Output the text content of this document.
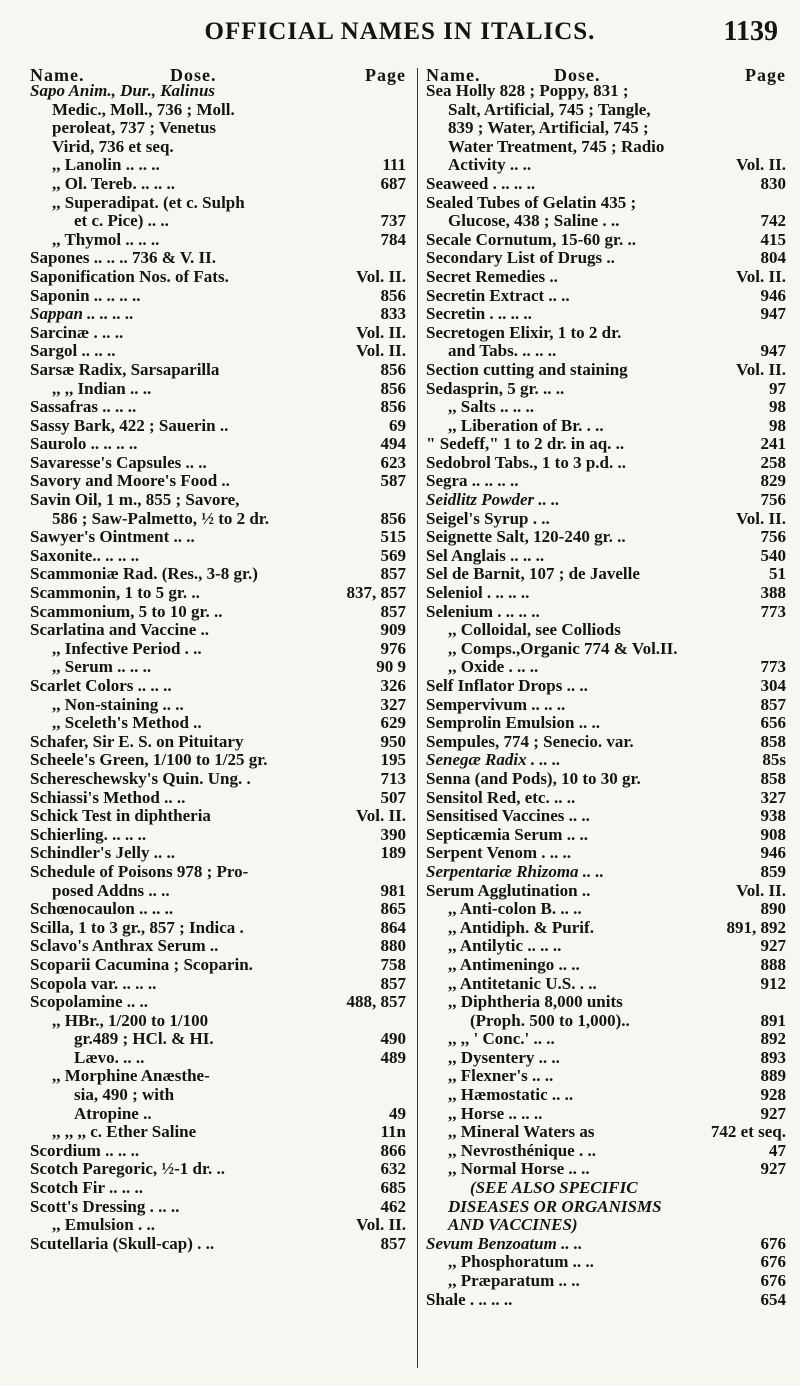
OFFICIAL NAMES IN ITALICS.	1139
Name.	Dose.	Page Name.	Dose.	Page
Sapo Anim., Dur., Kalinus
Medic., Moll., 736 ; Moll.
peroleat, 737 ; Venetus
Virid, 736 et seq.
,, Lanolin .. .. ..	111
,, Ol. Tereb. .. .. ..	687
,, Superadipat. (et c. Sulph
et c. Pice) .. ..	737
,, Thymol .. .. ..	784
Sapones .. .. .. 736 & V. II.
Saponification Nos. of Fats.	Vol. II.
Saponin .. .. .. ..	856
Sappan .. .. .. ..	833
Sarcinæ . .. ..	Vol. II.
Sargol .. .. ..	Vol. II.
Sarsæ Radix, Sarsaparilla	856
,, ,, Indian .. ..	856
Sassafras .. .. ..	856
Sassy Bark, 422 ; Sauerin ..	69
Saurolo .. .. .. ..	494
Savaresse's Capsules .. ..	623
Savory and Moore's Food ..	587
Savin Oil, 1 m., 855 ; Savore,
586 ; Saw-Palmetto, ½ to 2 dr.	856
Sawyer's Ointment .. ..	515
Saxonite.. .. .. ..	569
Scammoniæ Rad. (Res., 3-8 gr.)	857
Scammonin, 1 to 5 gr. ..	837, 857
Scammonium, 5 to 10 gr. ..	857
Scarlatina and Vaccine ..	909
,, Infective Period . ..	976
,, Serum .. .. ..	90 9
Scarlet Colors .. .. ..	326
,, Non-staining .. ..	327
,, Sceleth's Method ..	629
Schafer, Sir E. S. on Pituitary	950
Scheele's Green, 1/100 to 1/25 gr.	195
Schereschewsky's Quin. Ung. .	713
Schiassi's Method .. ..	507
Schick Test in diphtheria	Vol. II.
Schierling. .. .. ..	390
Schindler's Jelly .. ..	189
Schedule of Poisons 978 ; Pro-
posed Addns .. ..	981
Schœnocaulon .. .. ..	865
Scilla, 1 to 3 gr., 857 ; Indica .	864
Sclavo's Anthrax Serum ..	880
Scoparii Cacumina ; Scoparin.	758
Scopola var. .. .. ..	857
Scopolamine .. ..	488, 857
,, HBr., 1/200 to 1/100
gr.489 ; HCl. & HI.	490
Lævo. .. ..	489
,, Morphine Anæsthe-
sia, 490 ; with
Atropine ..	49
,, ,, ,, c. Ether Saline	11n
Scordium .. .. ..	866
Scotch Paregoric, ½-1 dr. ..	632
Scotch Fir .. .. ..	685
Scott's Dressing . .. ..	462
,, Emulsion . ..	Vol. II.
Scutellaria (Skull-cap) . ..	857
Sea Holly 828 ; Poppy, 831 ;
Salt, Artificial, 745 ; Tangle,
839 ; Water, Artificial, 745 ;
Water Treatment, 745 ; Radio
Activity .. ..	Vol. II.
Seaweed . .. .. ..	830
Sealed Tubes of Gelatin 435 ;
Glucose, 438 ; Saline . ..	742
Secale Cornutum, 15-60 gr. ..	415
Secondary List of Drugs ..	804
Secret Remedies ..	Vol. II.
Secretin Extract .. ..	946
Secretin . .. .. ..	947
Secretogen Elixir, 1 to 2 dr.
and Tabs. .. .. ..	947
Section cutting and staining	Vol. II.
Sedasprin, 5 gr. .. ..	97
,, Salts .. .. ..	98
,, Liberation of Br. . ..	98
" Sedeff," 1 to 2 dr. in aq. ..	241
Sedobrol Tabs., 1 to 3 p.d. ..	258
Segra .. .. .. ..	829
Seidlitz Powder .. ..	756
Seigel's Syrup . ..	Vol. II.
Seignette Salt, 120-240 gr. ..	756
Sel Anglais .. .. ..	540
Sel de Barnit, 107 ; de Javelle	51
Seleniol . .. .. ..	388
Selenium . .. .. ..	773
,, Colloidal, see Colliods
,, Comps.,Organic 774 & Vol.II.
,, Oxide . .. ..	773
Self Inflator Drops .. ..	304
Sempervivum .. .. ..	857
Semprolin Emulsion .. ..	656
Sempules, 774 ; Senecio. var.	858
Senegæ Radix . .. ..	85s
Senna (and Pods), 10 to 30 gr.	858
Sensitol Red, etc. .. ..	327
Sensitised Vaccines .. ..	938
Septicæmia Serum .. ..	908
Serpent Venom . .. ..	946
Serpentariæ Rhizoma .. ..	859
Serum Agglutination ..	Vol. II.
,, Anti-colon B. .. ..	890
,, Antidiph. & Purif.	891, 892
,, Antilytic .. .. ..	927
,, Antimeningo .. ..	888
,, Antitetanic U.S. . ..	912
,, Diphtheria 8,000 units
(Proph. 500 to 1,000)..	891
,, ,, ' Conc.' .. ..	892
,, Dysentery .. ..	893
,, Flexner's .. ..	889
,, Hæmostatic .. ..	928
,, Horse .. .. ..	927
,, Mineral Waters as	742 et seq.
,, Nevrosthénique . ..	47
,, Normal Horse .. ..	927
(SEE ALSO SPECIFIC
DISEASES OR ORGANISMS
AND VACCINES)
Sevum Benzoatum .. ..	676
,, Phosphoratum .. ..	676
,, Præparatum .. ..	676
Shale . .. .. ..	654
